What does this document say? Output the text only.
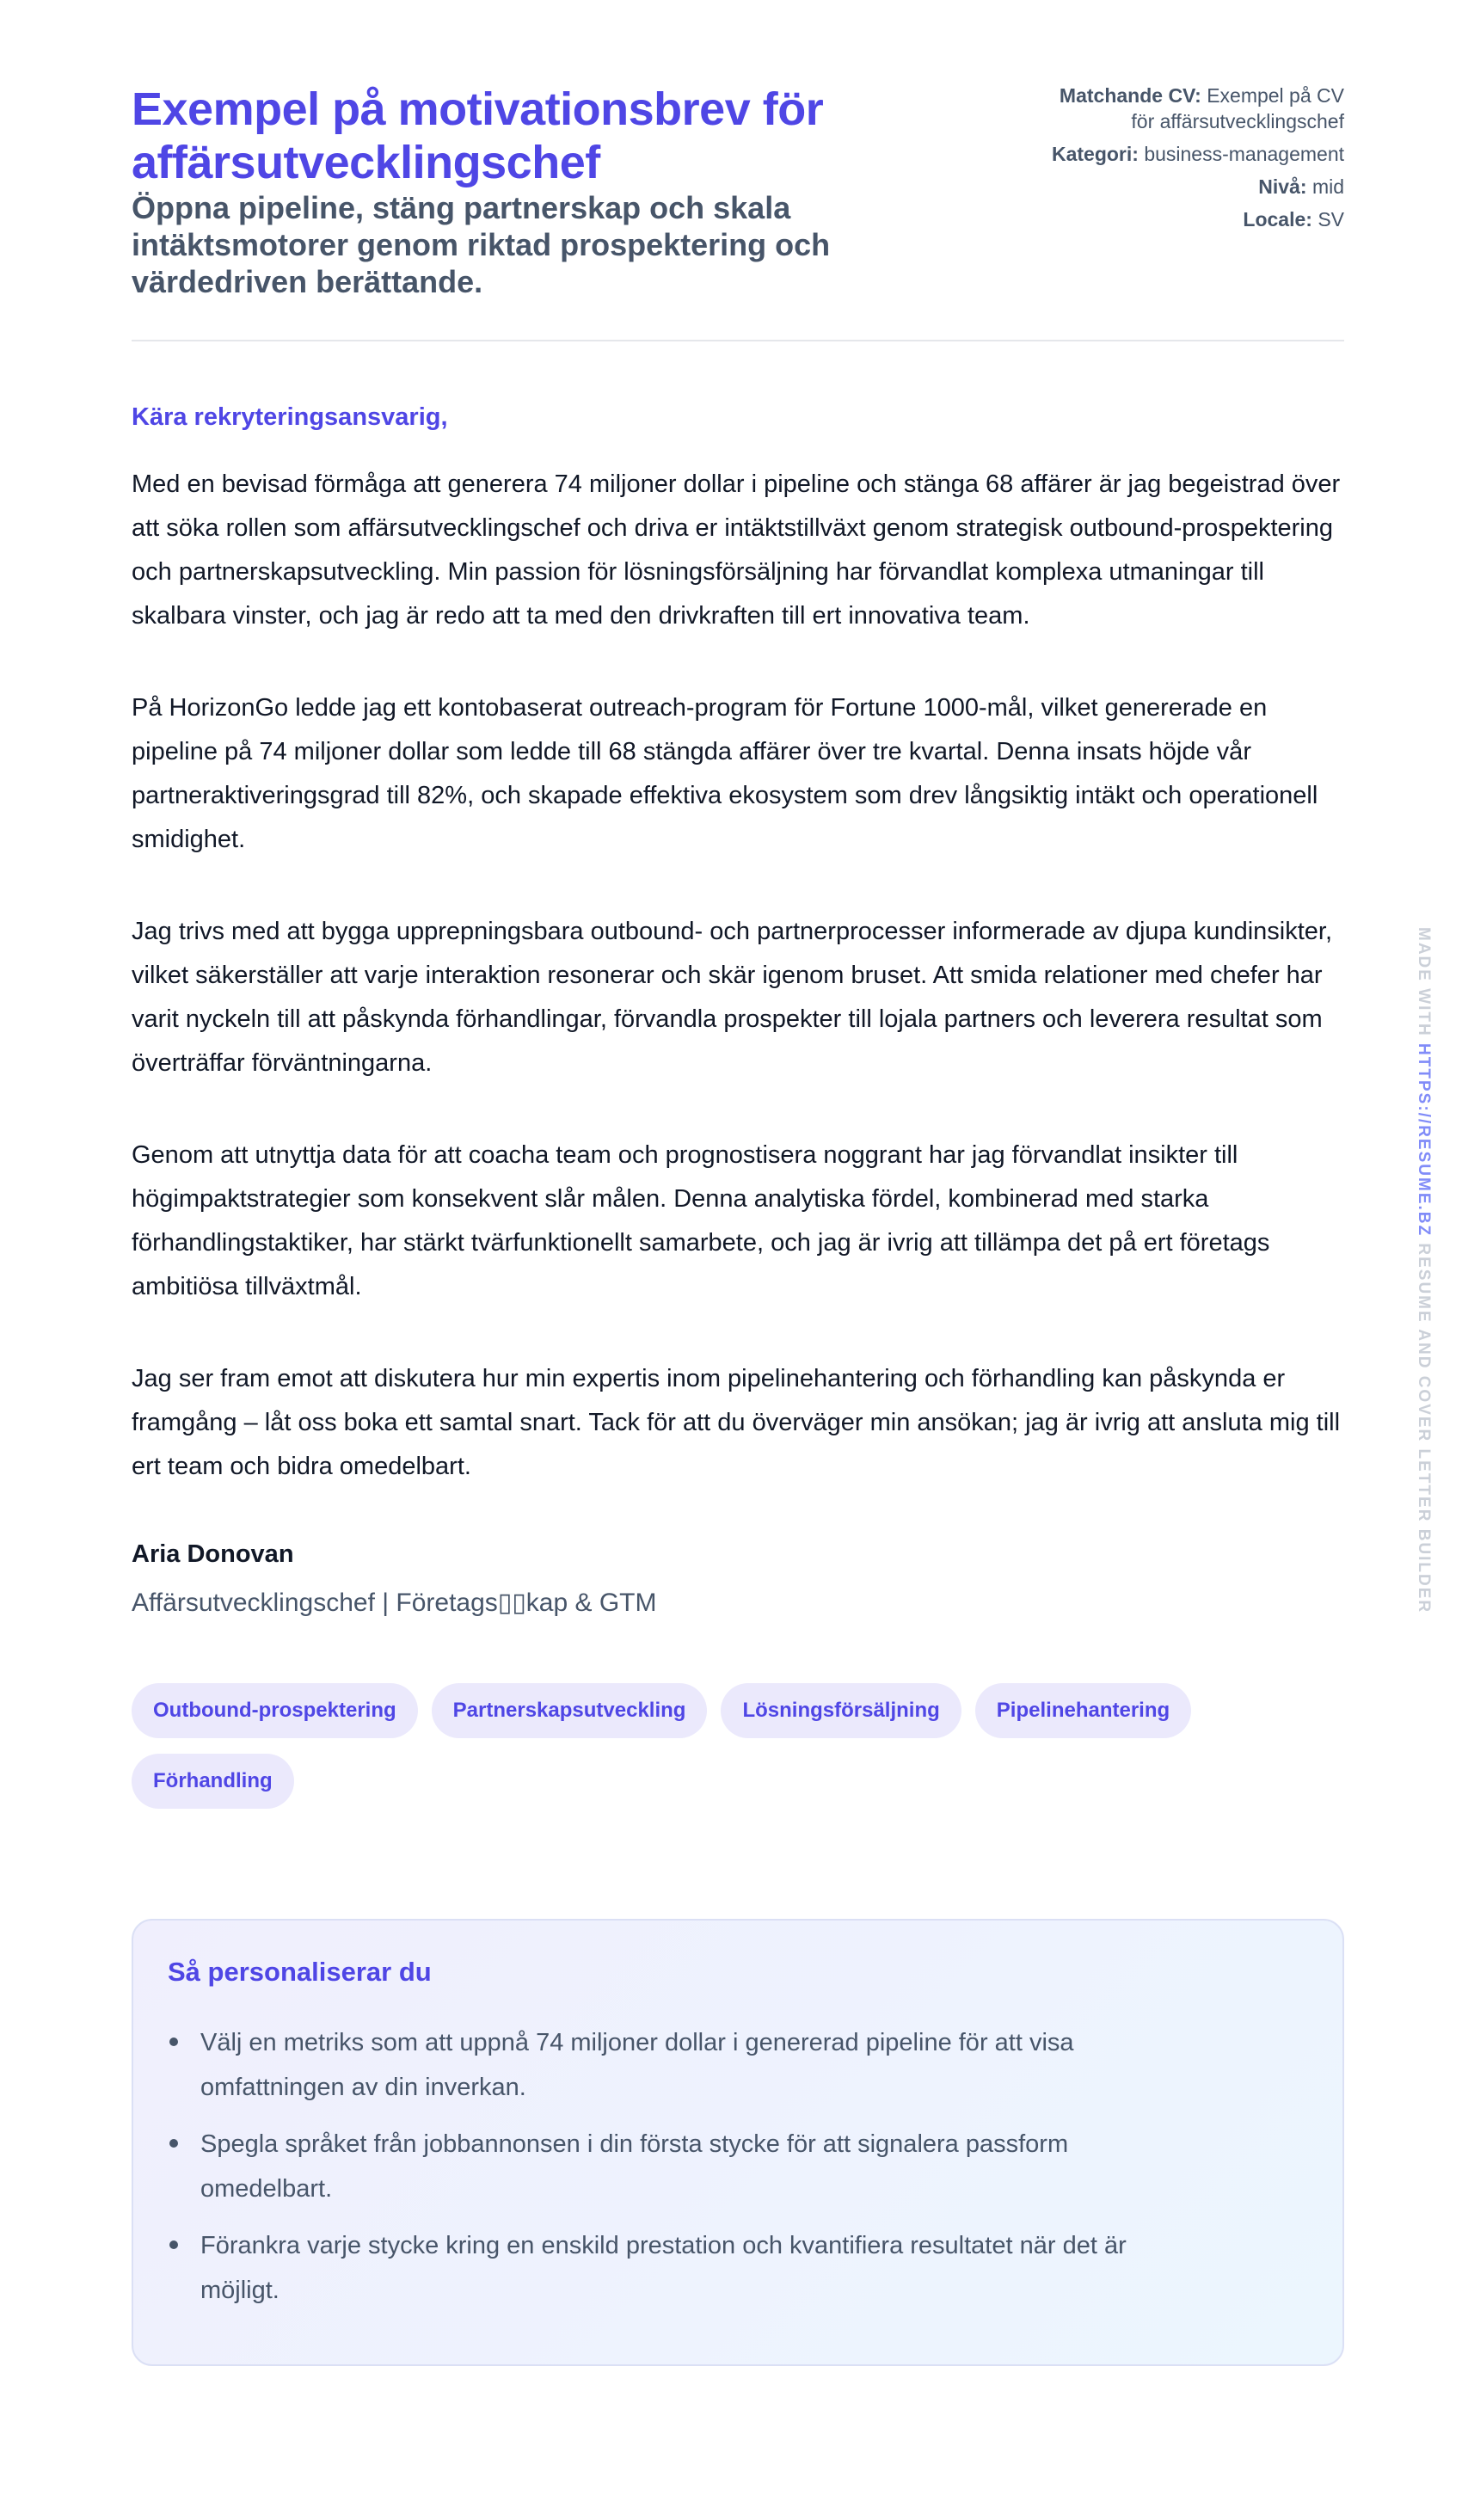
Exempel på motivationsbrev för affärsutvecklingschef
Öppna pipeline, stäng partnerskap och skala intäktsmotorer genom riktad prospektering och värdedriven berättande.
Matchande CV: Exempel på CV för affärsutvecklingschef
Kategori: business-management
Nivå: mid
Locale: SV
Kära rekryteringsansvarig,

Med en bevisad förmåga att generera 74 miljoner dollar i pipeline och stänga 68 affärer är jag begeistrad över att söka rollen som affärsutvecklingschef och driva er intäktstillväxt genom strategisk outbound-prospektering och partnerskapsutveckling. Min passion för lösningsförsäljning har förvandlat komplexa utmaningar till skalbara vinster, och jag är redo att ta med den drivkraften till ert innovativa team.

På HorizonGo ledde jag ett kontobaserat outreach-program för Fortune 1000-mål, vilket genererade en pipeline på 74 miljoner dollar som ledde till 68 stängda affärer över tre kvartal. Denna insats höjde vår partneraktiveringsgrad till 82%, och skapade effektiva ekosystem som drev långsiktig intäkt och operationell smidighet.

Jag trivs med att bygga upprepningsbara outbound- och partnerprocesser informerade av djupa kundinsikter, vilket säkerställer att varje interaktion resonerar och skär igenom bruset. Att smida relationer med chefer har varit nyckeln till att påskynda förhandlingar, förvandla prospekter till lojala partners och leverera resultat som överträffar förväntningarna.

Genom att utnyttja data för att coacha team och prognostisera noggrant har jag förvandlat insikter till högimpaktstrategier som konsekvent slår målen. Denna analytiska fördel, kombinerad med starka förhandlingstaktiker, har stärkt tvärfunktionellt samarbete, och jag är ivrig att tillämpa det på ert företags ambitiösa tillväxtmål.

Jag ser fram emot att diskutera hur min expertis inom pipelinehantering och förhandling kan påskynda er framgång – låt oss boka ett samtal snart. Tack för att du överväger min ansökan; jag är ivrig att ansluta mig till ert team och bidra omedelbart.

Aria Donovan
Affärsutvecklingschef | Företags▯▯kap & GTM
Outbound-prospektering	Partnerskapsutveckling	Lösningsförsäljning	Pipelinehantering
Förhandling
Så personaliserar du
Välj en metriks som att uppnå 74 miljoner dollar i genererad pipeline för att visa omfattningen av din inverkan.
Spegla språket från jobbannonsen i din första stycke för att signalera passform omedelbart.
Förankra varje stycke kring en enskild prestation och kvantifiera resultatet när det är möjligt.
MADE WITH HTTPS://RESUME.BZ RESUME AND COVER LETTER BUILDER
